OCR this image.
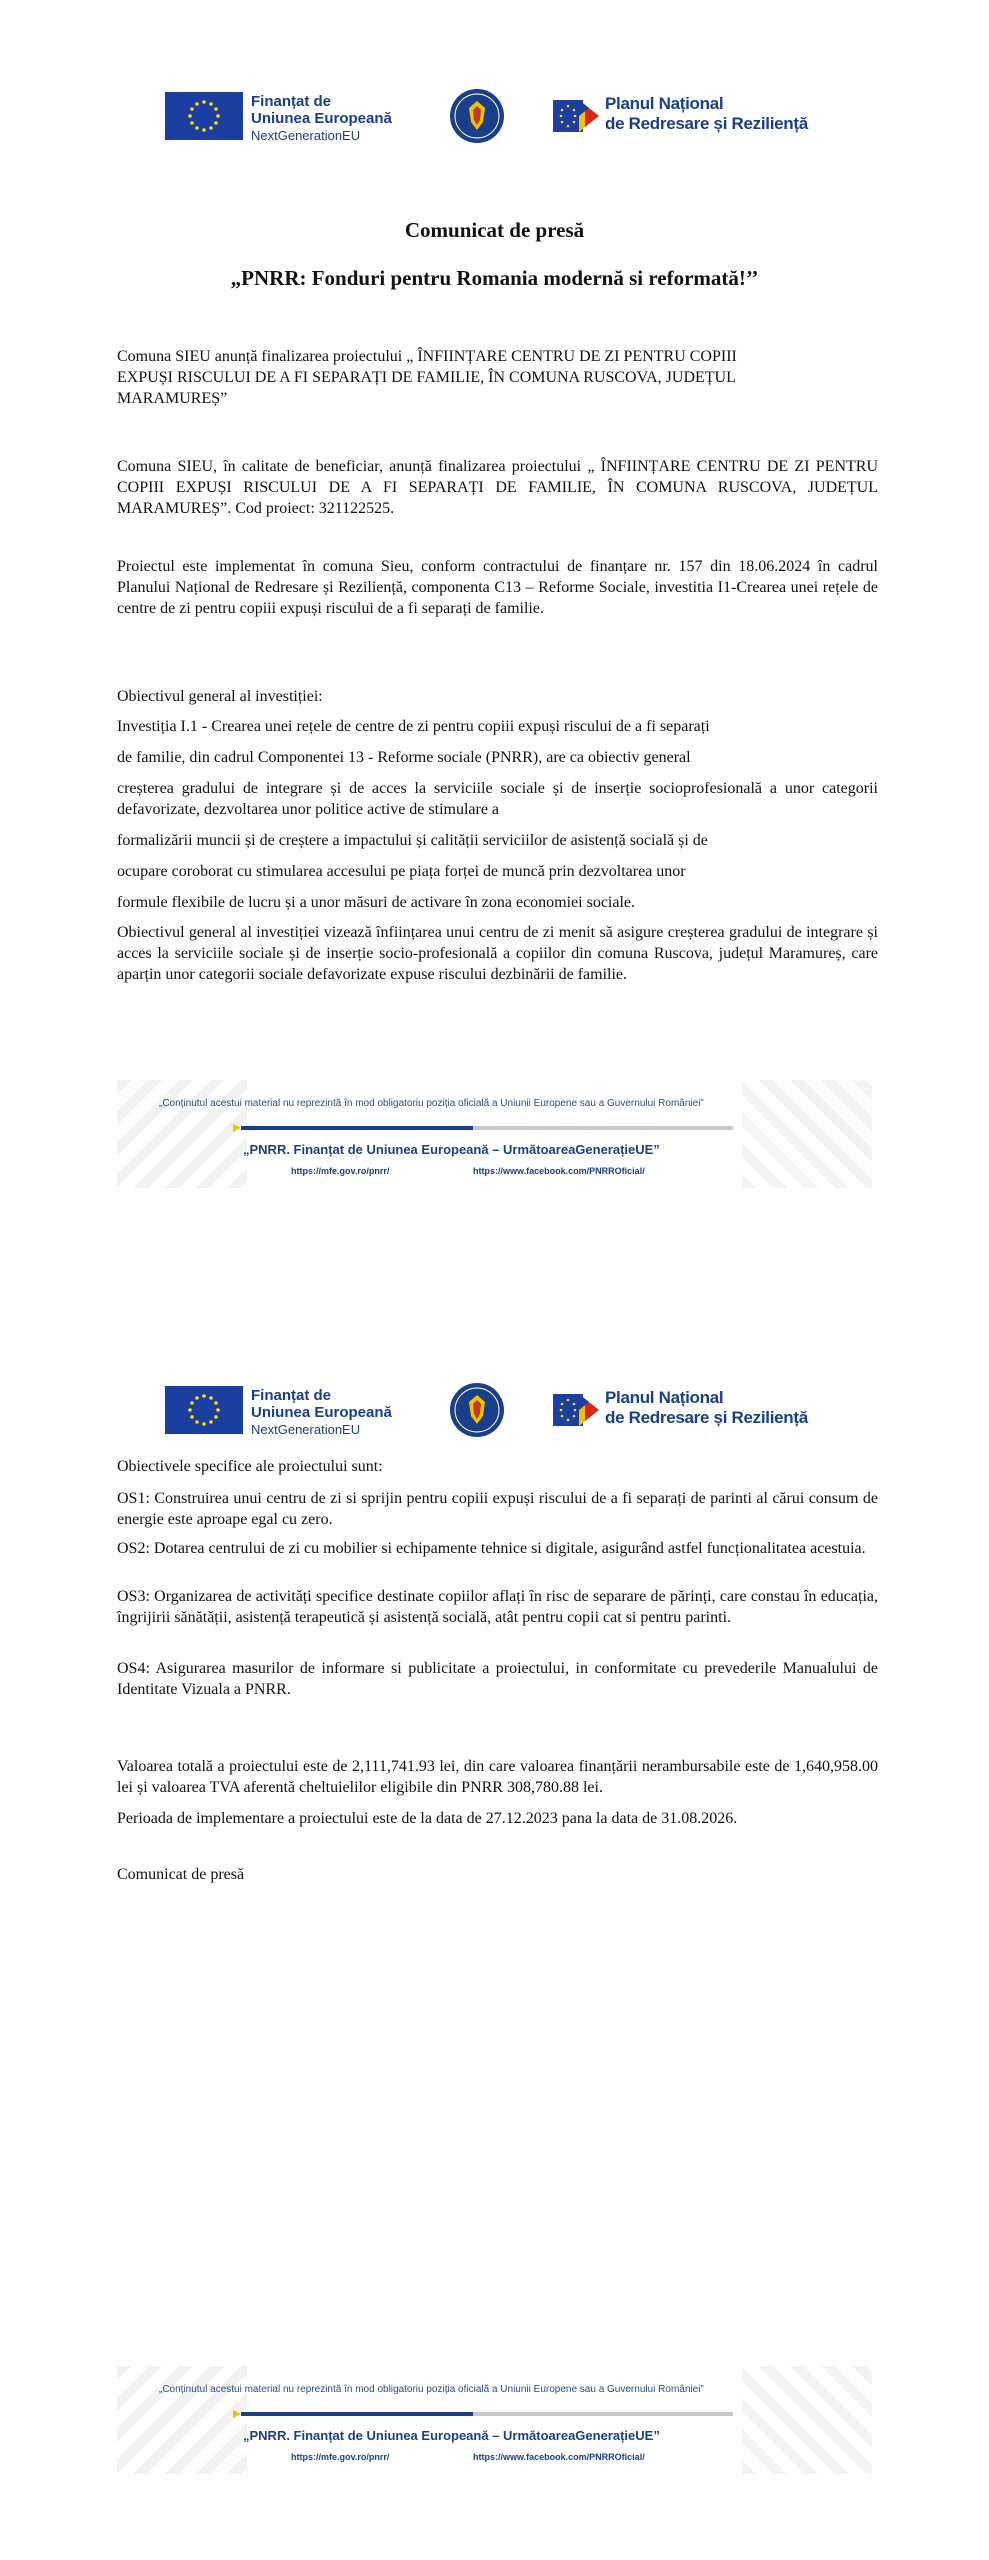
Finanțat de
Uniunea Europeană
NextGenerationEU
Planul Național
de Redresare și Reziliență
Comunicat de presă
„PNRR: Fonduri pentru Romania modernă si reformată!’’
Comuna SIEU anunță finalizarea proiectului „ ÎNFIINȚARE CENTRU DE ZI PENTRU COPIII
EXPUȘI RISCULUI DE A FI SEPARAȚI DE FAMILIE, ÎN COMUNA RUSCOVA, JUDEȚUL
MARAMUREȘ”
Comuna SIEU, în calitate de beneficiar, anunță finalizarea proiectului „ ÎNFIINȚARE CENTRU DE ZI PENTRU COPIII EXPUȘI RISCULUI DE A FI SEPARAȚI DE FAMILIE, ÎN COMUNA RUSCOVA, JUDEȚUL MARAMUREȘ”. Cod proiect: 321122525.
Proiectul este implementat în comuna Sieu, conform contractului de finanțare nr. 157 din 18.06.2024 în cadrul Planului Național de Redresare și Reziliență, componenta C13 – Reforme Sociale, investitia I1-Crearea unei rețele de centre de zi pentru copiii expuși riscului de a fi separați de familie.
Obiectivul general al investiției:
Investiția I.1 - Crearea unei rețele de centre de zi pentru copiii expuși riscului de a fi separați
de familie, din cadrul Componentei 13 - Reforme sociale (PNRR), are ca obiectiv general
creșterea gradului de integrare și de acces la serviciile sociale și de inserție socioprofesională a unor categorii defavorizate, dezvoltarea unor politice active de stimulare a
formalizării muncii și de creștere a impactului și calității serviciilor de asistență socială și de
ocupare coroborat cu stimularea accesului pe piața forței de muncă prin dezvoltarea unor
formule flexibile de lucru și a unor măsuri de activare în zona economiei sociale.
Obiectivul general al investiției vizează înființarea unui centru de zi menit să asigure creșterea gradului de integrare și acces la serviciile sociale și de inserție socio-profesională a copiilor din comuna Ruscova, județul Maramureș, care aparțin unor categorii sociale defavorizate expuse riscului dezbinării de familie.
„Conținutul acestui material nu reprezintă în mod obligatoriu poziția oficială a Uniunii Europene sau a Guvernului României”
„PNRR. Finanțat de Uniunea Europeană – UrmătoareaGenerațieUE”
https://mfe.gov.ro/pnrr/	https://www.facebook.com/PNRROficial/
Finanțat de
Uniunea Europeană
NextGenerationEU
Planul Național
de Redresare și Reziliență
Obiectivele specifice ale proiectului sunt:
OS1: Construirea unui centru de zi si sprijin pentru copiii expuși riscului de a fi separați de parinti al cărui consum de energie este aproape egal cu zero.
OS2: Dotarea centrului de zi cu mobilier si echipamente tehnice si digitale, asigurând astfel funcționalitatea acestuia.
OS3: Organizarea de activități specifice destinate copiilor aflați în risc de separare de părinți, care constau în educația, îngrijirii sănătății, asistență terapeutică și asistență socială, atât pentru copii cat si pentru parinti.
OS4: Asigurarea masurilor de informare si publicitate a proiectului, in conformitate cu prevederile Manualului de Identitate Vizuala a PNRR.
Valoarea totală a proiectului este de 2,111,741.93 lei, din care valoarea finanțării nerambursabile este de 1,640,958.00 lei și valoarea TVA aferentă cheltuielilor eligibile din PNRR 308,780.88 lei.
Perioada de implementare a proiectului este de la data de 27.12.2023 pana la data de 31.08.2026.
Comunicat de presă
„Conținutul acestui material nu reprezintă în mod obligatoriu poziția oficială a Uniunii Europene sau a Guvernului României”
„PNRR. Finanțat de Uniunea Europeană – UrmătoareaGenerațieUE”
https://mfe.gov.ro/pnrr/	https://www.facebook.com/PNRROficial/
